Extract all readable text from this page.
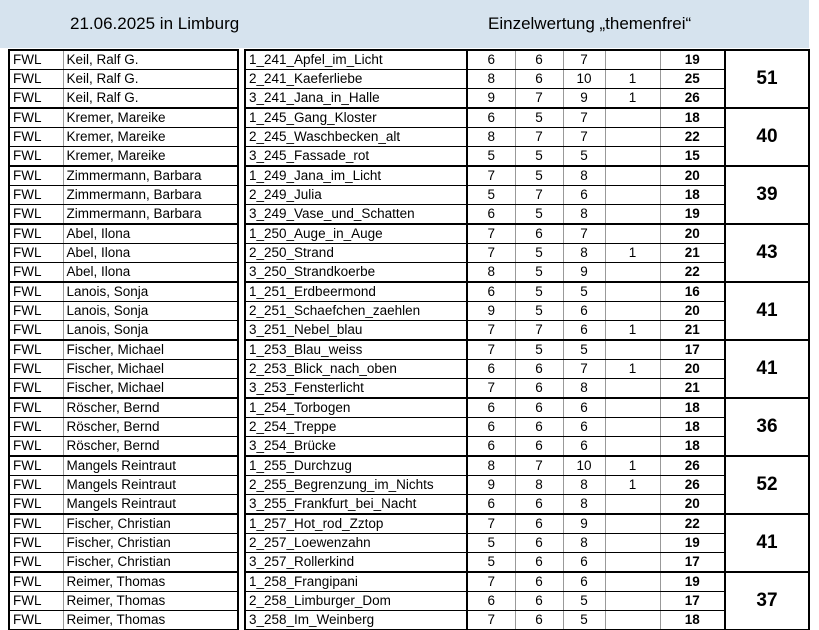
21.06.2025 in Limburg	Einzelwertung „themenfrei“
FWL	Keil, Ralf G.		1_241_Apfel_im_Licht	6	6	7		19	51
FWL	Keil, Ralf G.		2_241_Kaeferliebe	8	6	10	1	25	
FWL	Keil, Ralf G.		3_241_Jana_in_Halle	9	7	9	1	26	
FWL	Kremer, Mareike		1_245_Gang_Kloster	6	5	7		18	40
FWL	Kremer, Mareike		2_245_Waschbecken_alt	8	7	7		22	
FWL	Kremer, Mareike		3_245_Fassade_rot	5	5	5		15	
FWL	Zimmermann, Barbara		1_249_Jana_im_Licht	7	5	8		20	39
FWL	Zimmermann, Barbara		2_249_Julia	5	7	6		18	
FWL	Zimmermann, Barbara		3_249_Vase_und_Schatten	6	5	8		19	
FWL	Abel, Ilona		1_250_Auge_in_Auge	7	6	7		20	43
FWL	Abel, Ilona		2_250_Strand	7	5	8	1	21	
FWL	Abel, Ilona		3_250_Strandkoerbe	8	5	9		22	
FWL	Lanois, Sonja		1_251_Erdbeermond	6	5	5		16	41
FWL	Lanois, Sonja		2_251_Schaefchen_zaehlen	9	5	6		20	
FWL	Lanois, Sonja		3_251_Nebel_blau	7	7	6	1	21	
FWL	Fischer, Michael		1_253_Blau_weiss	7	5	5		17	41
FWL	Fischer, Michael		2_253_Blick_nach_oben	6	6	7	1	20	
FWL	Fischer, Michael		3_253_Fensterlicht	7	6	8		21	
FWL	Röscher, Bernd		1_254_Torbogen	6	6	6		18	36
FWL	Röscher, Bernd		2_254_Treppe	6	6	6		18	
FWL	Röscher, Bernd		3_254_Brücke	6	6	6		18	
FWL	Mangels Reintraut		1_255_Durchzug	8	7	10	1	26	52
FWL	Mangels Reintraut		2_255_Begrenzung_im_Nichts	9	8	8	1	26	
FWL	Mangels Reintraut		3_255_Frankfurt_bei_Nacht	6	6	8		20	
FWL	Fischer, Christian		1_257_Hot_rod_Zztop	7	6	9		22	41
FWL	Fischer, Christian		2_257_Loewenzahn	5	6	8		19	
FWL	Fischer, Christian		3_257_Rollerkind	5	6	6		17	
FWL	Reimer, Thomas		1_258_Frangipani	7	6	6		19	37
FWL	Reimer, Thomas		2_258_Limburger_Dom	6	6	5		17	
FWL	Reimer, Thomas		3_258_Im_Weinberg	7	6	5		18	
